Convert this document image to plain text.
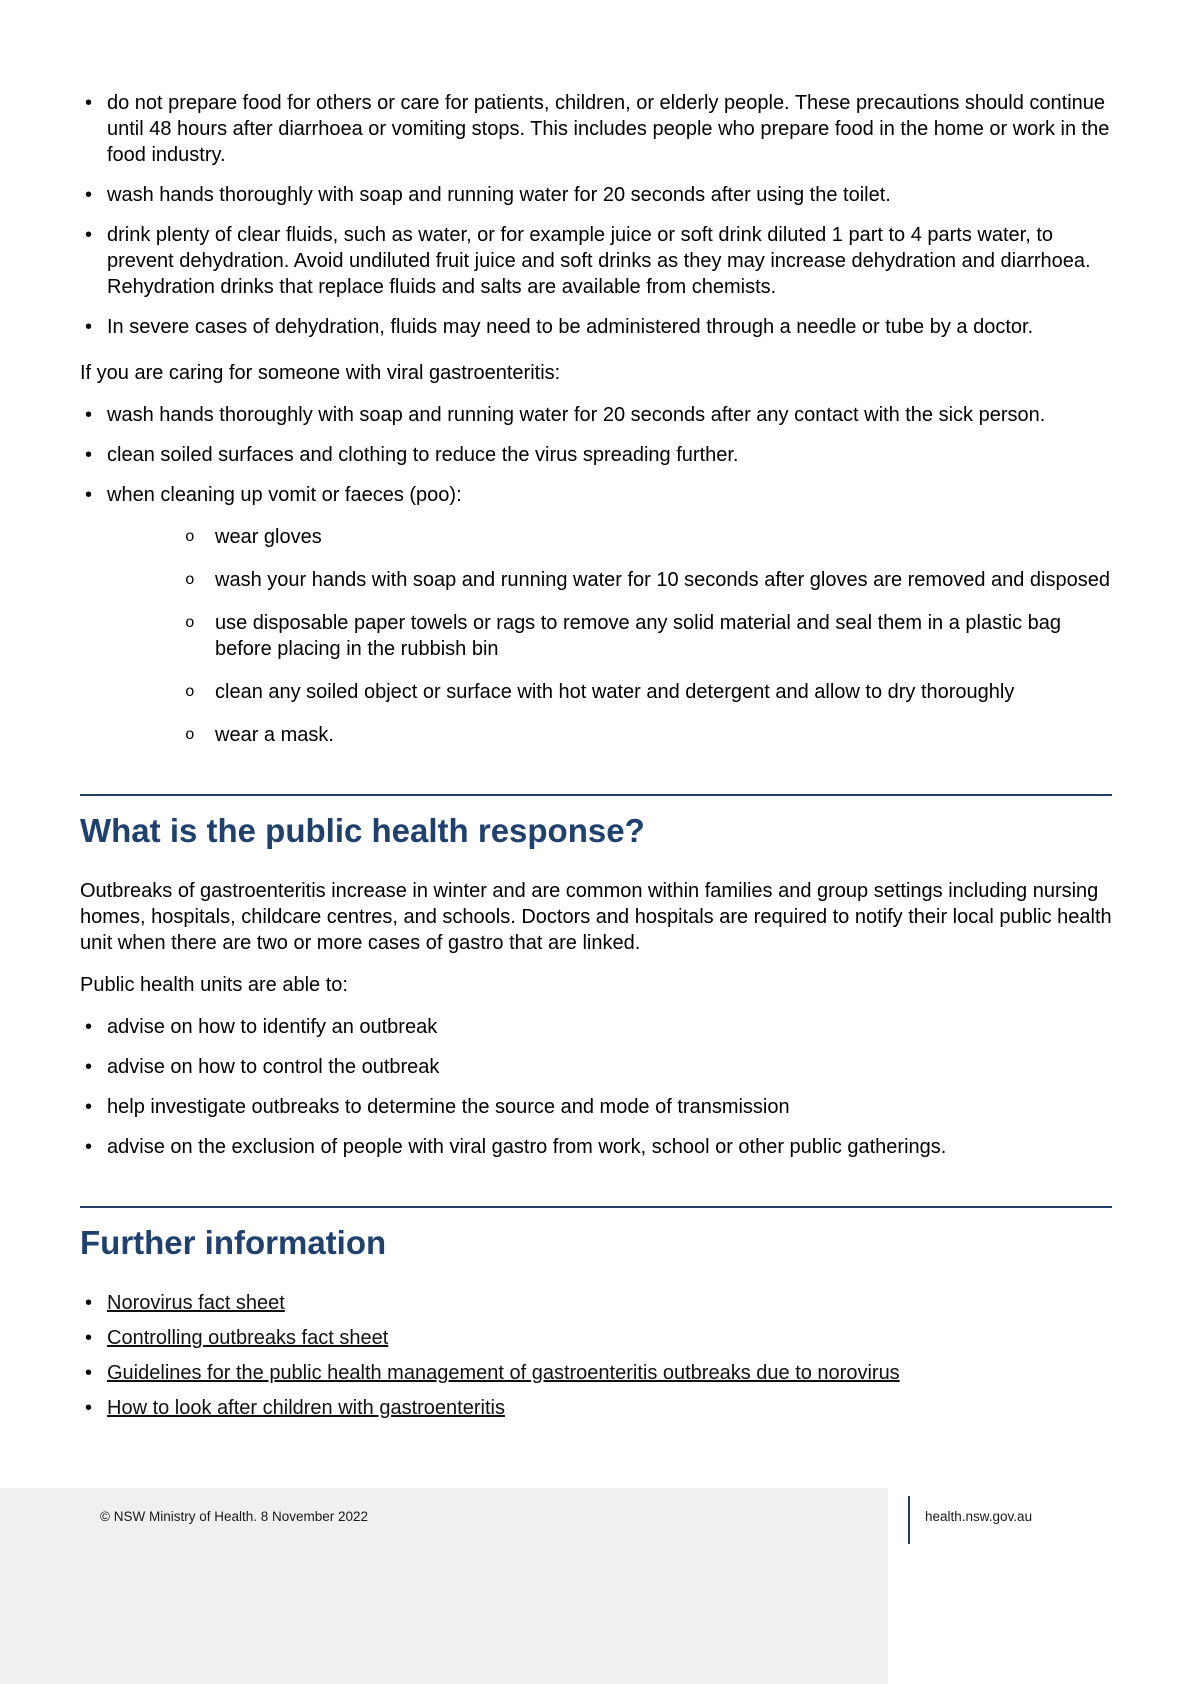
• do not prepare food for others or care for patients, children, or elderly people. These precautions should continue until 48 hours after diarrhoea or vomiting stops. This includes people who prepare food in the home or work in the food industry.
• wash hands thoroughly with soap and running water for 20 seconds after using the toilet.
• drink plenty of clear fluids, such as water, or for example juice or soft drink diluted 1 part to 4 parts water, to prevent dehydration. Avoid undiluted fruit juice and soft drinks as they may increase dehydration and diarrhoea. Rehydration drinks that replace fluids and salts are available from chemists.
• In severe cases of dehydration, fluids may need to be administered through a needle or tube by a doctor.

If you are caring for someone with viral gastroenteritis:

• wash hands thoroughly with soap and running water for 20 seconds after any contact with the sick person.
• clean soiled surfaces and clothing to reduce the virus spreading further.
• when cleaning up vomit or faeces (poo):
o	wear gloves
o	wash your hands with soap and running water for 10 seconds after gloves are removed and disposed
o	use disposable paper towels or rags to remove any solid material and seal them in a plastic bag before placing in the rubbish bin
o	clean any soiled object or surface with hot water and detergent and allow to dry thoroughly
o	wear a mask.
What is the public health response?

Outbreaks of gastroenteritis increase in winter and are common within families and group settings including nursing homes, hospitals, childcare centres, and schools. Doctors and hospitals are required to notify their local public health unit when there are two or more cases of gastro that are linked.

Public health units are able to:

• advise on how to identify an outbreak
• advise on how to control the outbreak
• help investigate outbreaks to determine the source and mode of transmission
• advise on the exclusion of people with viral gastro from work, school or other public gatherings.
Further information
• Norovirus fact sheet
• Controlling outbreaks fact sheet
• Guidelines for the public health management of gastroenteritis outbreaks due to norovirus
• How to look after children with gastroenteritis
© NSW Ministry of Health. 8 November 2022	health.nsw.gov.au
